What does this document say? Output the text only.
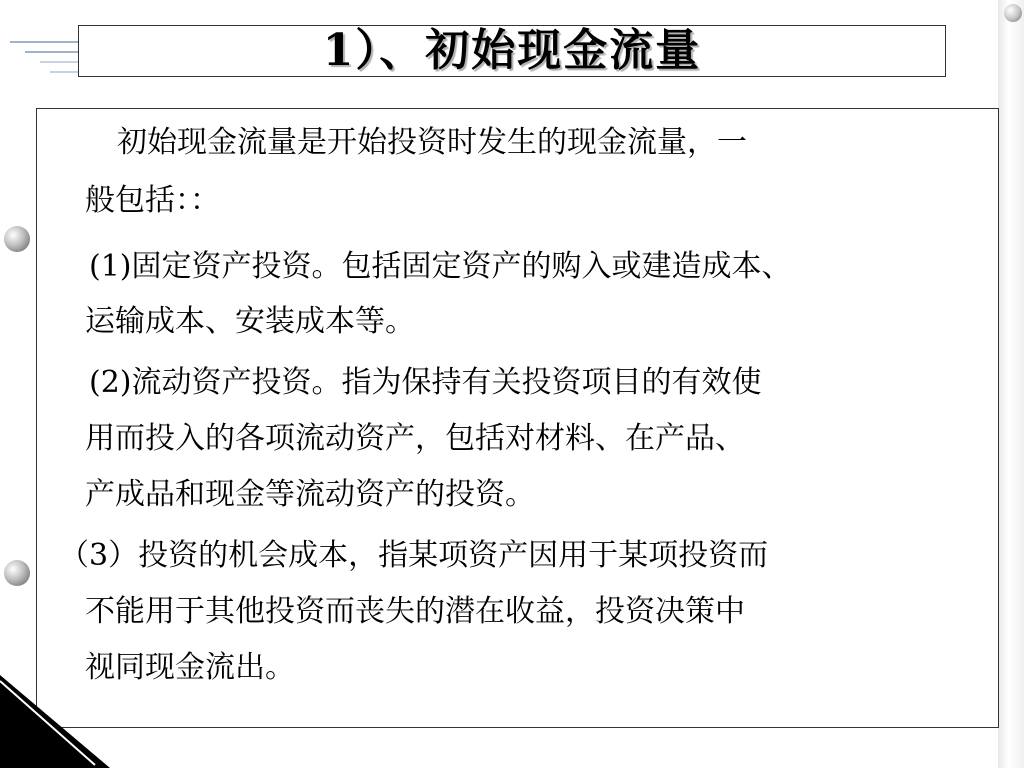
1）、初始现金流量

初始现金流量是开始投资时发生的现金流量，一

般包括：：

(1)固定资产投资。包括固定资产的购入或建造成本、

运输成本、安装成本等。

(2)流动资产投资。指为保持有关投资项目的有效使

用而投入的各项流动资产，包括对材料、在产品、

产成品和现金等流动资产的投资。

（3）投资的机会成本，指某项资产因用于某项投资而

不能用于其他投资而丧失的潜在收益，投资决策中

视同现金流出。
